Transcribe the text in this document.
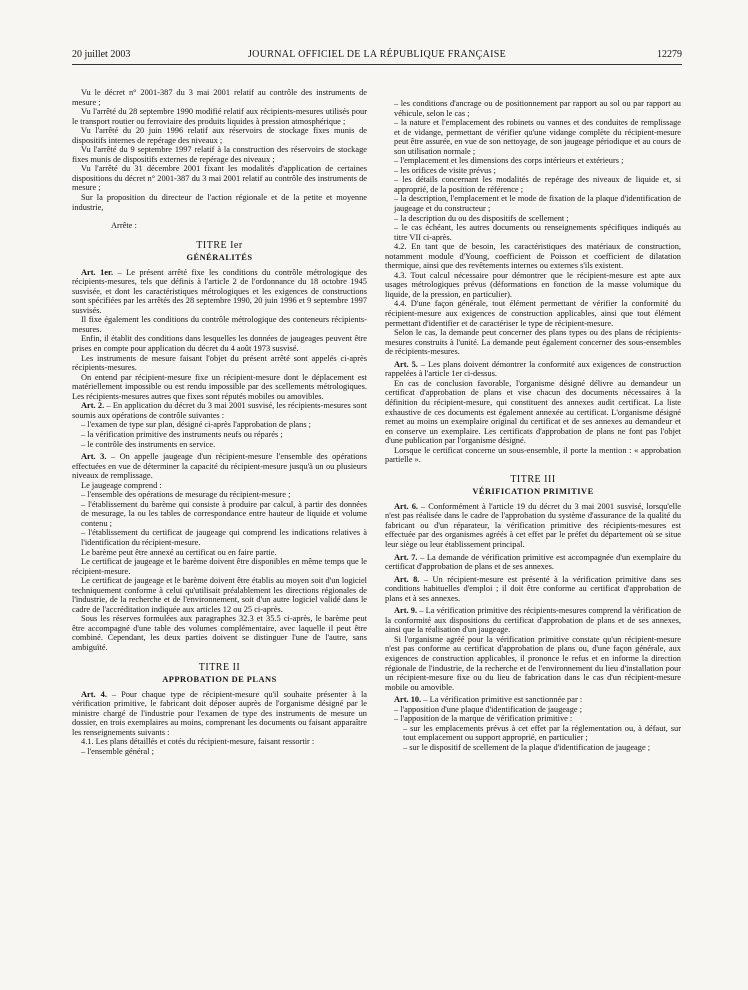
20 juillet 2003	JOURNAL OFFICIEL DE LA RÉPUBLIQUE FRANÇAISE	12279

Vu le décret n° 2001-387 du 3 mai 2001 relatif au contrôle des instruments de mesure ;

Vu l'arrêté du 28 septembre 1990 modifié relatif aux récipients-mesures utilisés pour le transport routier ou ferroviaire des produits liquides à pression atmosphérique ;

Vu l'arrêté du 20 juin 1996 relatif aux réservoirs de stockage fixes munis de dispositifs internes de repérage des niveaux ;

Vu l'arrêté du 9 septembre 1997 relatif à la construction des réservoirs de stockage fixes munis de dispositifs externes de repérage des niveaux ;

Vu l'arrêté du 31 décembre 2001 fixant les modalités d'application de certaines dispositions du décret n° 2001-387 du 3 mai 2001 relatif au contrôle des instruments de mesure ;

Sur la proposition du directeur de l'action régionale et de la petite et moyenne industrie,

Arrête :

TITRE Ier
GÉNÉRALITÉS

Art. 1er. – Le présent arrêté fixe les conditions du contrôle métrologique des récipients-mesures, tels que définis à l'article 2 de l'ordonnance du 18 octobre 1945 susvisée, et dont les caractéristiques métrologiques et les exigences de constructions sont spécifiées par les arrêtés des 28 septembre 1990, 20 juin 1996 et 9 septembre 1997 susvisés.

Il fixe également les conditions du contrôle métrologique des conteneurs récipients-mesures.

Enfin, il établit des conditions dans lesquelles les données de jaugeages peuvent être prises en compte pour application du décret du 4 août 1973 susvisé.

Les instruments de mesure faisant l'objet du présent arrêté sont appelés ci-après récipients-mesures.

On entend par récipient-mesure fixe un récipient-mesure dont le déplacement est matériellement impossible ou est rendu impossible par des scellements métrologiques. Les récipients-mesures autres que fixes sont réputés mobiles ou amovibles.

Art. 2. – En application du décret du 3 mai 2001 susvisé, les récipients-mesures sont soumis aux opérations de contrôle suivantes :

– l'examen de type sur plan, désigné ci-après l'approbation de plans ;

– la vérification primitive des instruments neufs ou réparés ;

– le contrôle des instruments en service.

Art. 3. – On appelle jaugeage d'un récipient-mesure l'ensemble des opérations effectuées en vue de déterminer la capacité du récipient-mesure jusqu'à un ou plusieurs niveaux de remplissage.

Le jaugeage comprend :

– l'ensemble des opérations de mesurage du récipient-mesure ;

– l'établissement du barème qui consiste à produire par calcul, à partir des données de mesurage, la ou les tables de correspondance entre hauteur de liquide et volume contenu ;

– l'établissement du certificat de jaugeage qui comprend les indications relatives à l'identification du récipient-mesure.

Le barème peut être annexé au certificat ou en faire partie.

Le certificat de jaugeage et le barème doivent être disponibles en même temps que le récipient-mesure.

Le certificat de jaugeage et le barème doivent être établis au moyen soit d'un logiciel techniquement conforme à celui qu'utilisait préalablement les directions régionales de l'industrie, de la recherche et de l'environnement, soit d'un autre logiciel validé dans le cadre de l'accréditation indiquée aux articles 12 ou 25 ci-après.

Sous les réserves formulées aux paragraphes 32.3 et 35.5 ci-après, le barème peut être accompagné d'une table des volumes complémentaire, avec laquelle il peut être combiné. Cependant, les deux parties doivent se distinguer l'une de l'autre, sans ambiguïté.

TITRE II
APPROBATION DE PLANS

Art. 4. – Pour chaque type de récipient-mesure qu'il souhaite présenter à la vérification primitive, le fabricant doit déposer auprès de l'organisme désigné par le ministre chargé de l'industrie pour l'examen de type des instruments de mesure un dossier, en trois exemplaires au moins, comprenant les documents ou faisant apparaître les renseignements suivants :

4.1. Les plans détaillés et cotés du récipient-mesure, faisant ressortir :

– l'ensemble général ;

– les conditions d'ancrage ou de positionnement par rapport au sol ou par rapport au véhicule, selon le cas ;

– la nature et l'emplacement des robinets ou vannes et des conduites de remplissage et de vidange, permettant de vérifier qu'une vidange complète du récipient-mesure peut être assurée, en vue de son nettoyage, de son jaugeage périodique et au cours de son utilisation normale ;

– l'emplacement et les dimensions des corps intérieurs et extérieurs ;

– les orifices de visite prévus ;

– les détails concernant les modalités de repérage des niveaux de liquide et, si approprié, de la position de référence ;

– la description, l'emplacement et le mode de fixation de la plaque d'identification de jaugeage et du constructeur ;

– la description du ou des dispositifs de scellement ;

– le cas échéant, les autres documents ou renseignements spécifiques indiqués au titre VII ci-après.

4.2. En tant que de besoin, les caractéristiques des matériaux de construction, notamment module d'Young, coefficient de Poisson et coefficient de dilatation thermique, ainsi que des revêtements internes ou externes s'ils existent.

4.3. Tout calcul nécessaire pour démontrer que le récipient-mesure est apte aux usages métrologiques prévus (déformations en fonction de la masse volumique du liquide, de la pression, en particulier).

4.4. D'une façon générale, tout élément permettant de vérifier la conformité du récipient-mesure aux exigences de construction applicables, ainsi que tout élément permettant d'identifier et de caractériser le type de récipient-mesure.

Selon le cas, la demande peut concerner des plans types ou des plans de récipients-mesures construits à l'unité. La demande peut également concerner des sous-ensembles de récipients-mesures.

Art. 5. – Les plans doivent démontrer la conformité aux exigences de construction rappelées à l'article 1er ci-dessus.

En cas de conclusion favorable, l'organisme désigné délivre au demandeur un certificat d'approbation de plans et vise chacun des documents nécessaires à la définition du récipient-mesure, qui constituent des annexes audit certificat. La liste exhaustive de ces documents est également annexée au certificat. L'organisme désigné remet au moins un exemplaire original du certificat et de ses annexes au demandeur et en conserve un exemplaire. Les certificats d'approbation de plans ne font pas l'objet d'une publication par l'organisme désigné.

Lorsque le certificat concerne un sous-ensemble, il porte la mention : « approbation partielle ».

TITRE III
VÉRIFICATION PRIMITIVE

Art. 6. – Conformément à l'article 19 du décret du 3 mai 2001 susvisé, lorsqu'elle n'est pas réalisée dans le cadre de l'approbation du système d'assurance de la qualité du fabricant ou d'un réparateur, la vérification primitive des récipients-mesures est effectuée par des organismes agréés à cet effet par le préfet du département où se situe leur siège ou leur établissement principal.

Art. 7. – La demande de vérification primitive est accompagnée d'un exemplaire du certificat d'approbation de plans et de ses annexes.

Art. 8. – Un récipient-mesure est présenté à la vérification primitive dans ses conditions habituelles d'emploi ; il doit être conforme au certificat d'approbation de plans et à ses annexes.

Art. 9. – La vérification primitive des récipients-mesures comprend la vérification de la conformité aux dispositions du certificat d'approbation de plans et de ses annexes, ainsi que la réalisation d'un jaugeage.

Si l'organisme agréé pour la vérification primitive constate qu'un récipient-mesure n'est pas conforme au certificat d'approbation de plans ou, d'une façon générale, aux exigences de construction applicables, il prononce le refus et en informe la direction régionale de l'industrie, de la recherche et de l'environnement du lieu d'installation pour un récipient-mesure fixe ou du lieu de fabrication dans le cas d'un récipient-mesure mobile ou amovible.

Art. 10. – La vérification primitive est sanctionnée par :

– l'apposition d'une plaque d'identification de jaugeage ;

– l'apposition de la marque de vérification primitive :

– sur les emplacements prévus à cet effet par la réglementation ou, à défaut, sur tout emplacement ou support approprié, en particulier ;

– sur le dispositif de scellement de la plaque d'identification de jaugeage ;
